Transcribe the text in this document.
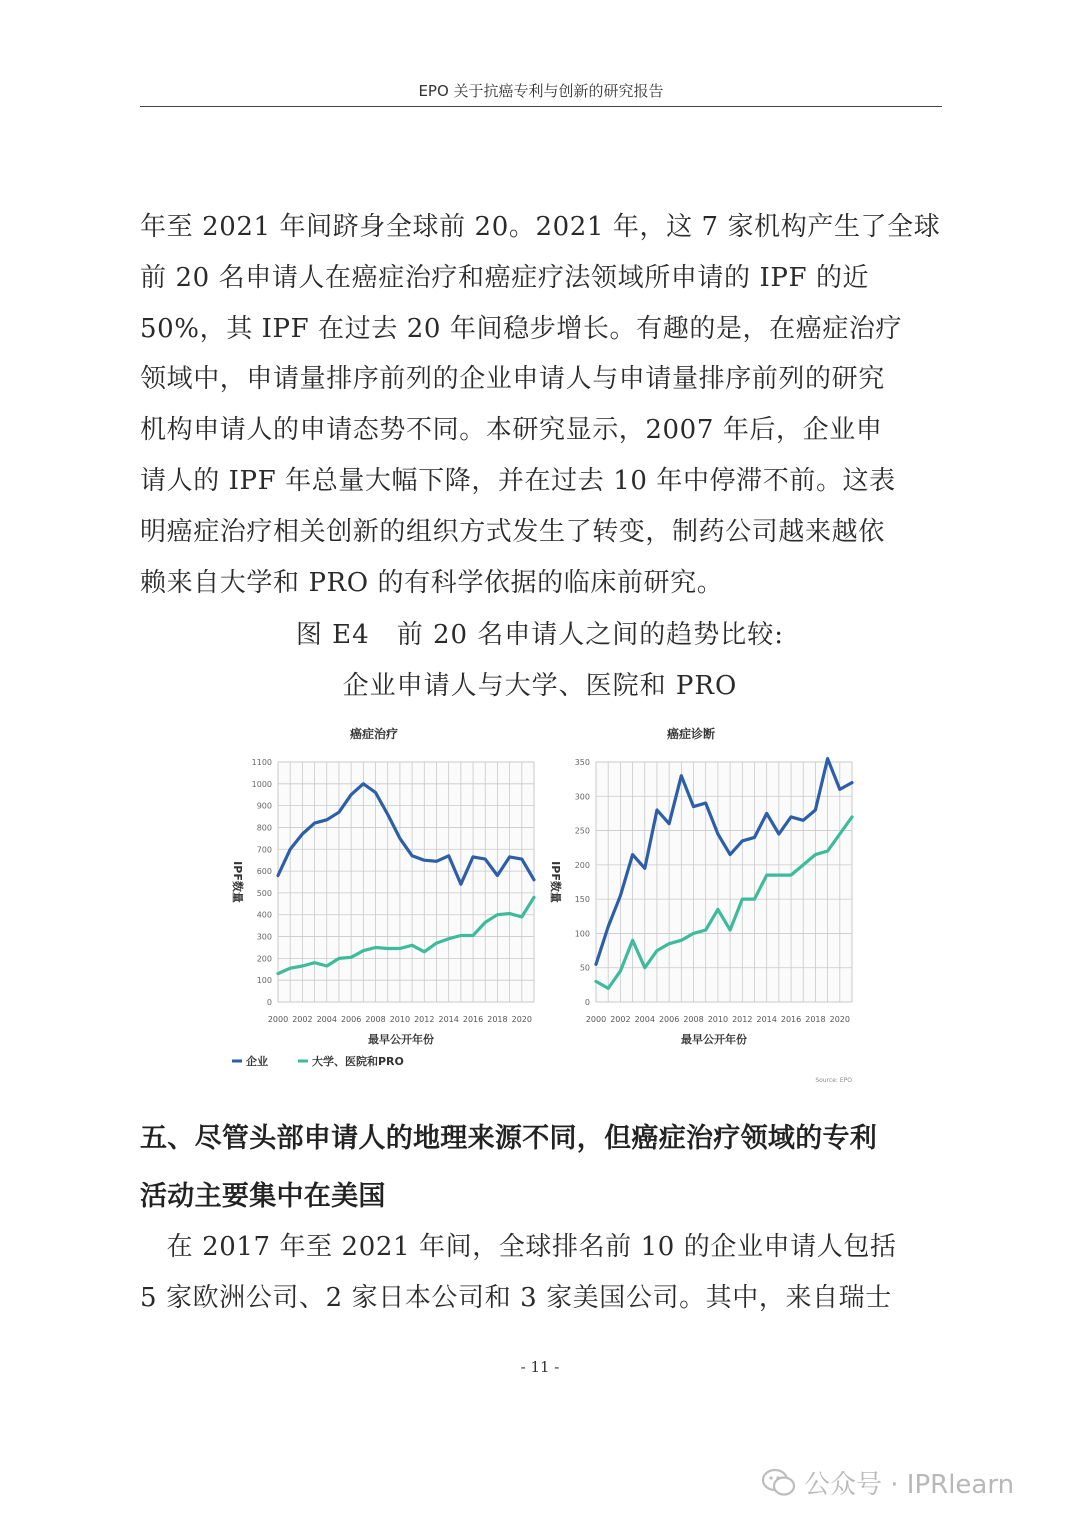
EPO 关于抗癌专利与创新的研究报告
年至 2021 年间跻身全球前 20。2021 年，这 7 家机构产生了全球
前 20 名申请人在癌症治疗和癌症疗法领域所申请的 IPF 的近
50%，其 IPF 在过去 20 年间稳步增长。有趣的是，在癌症治疗
领域中，申请量排序前列的企业申请人与申请量排序前列的研究
机构申请人的申请态势不同。本研究显示，2007 年后，企业申
请人的 IPF 年总量大幅下降，并在过去 10 年中停滞不前。这表
明癌症治疗相关创新的组织方式发生了转变，制药公司越来越依
赖来自大学和 PRO 的有科学依据的临床前研究。

图 E4　前 20 名申请人之间的趋势比较:

企业申请人与大学、医院和 PRO

癌症治疗
IPF数量
最早公开年份
癌症诊断
IPF数量
最早公开年份
企业	大学、医院和PRO
Source: EPO
0
100
200
300
400
500
600
700
800
900
1000
1100
2000 2002 2004 2006 2008 2010 2012 2014 2016 2018 2020
0
50
100
150
200
250
300
350
2000 2002 2004 2006 2008 2010 2012 2014 2016 2018 2020
五、尽管头部申请人的地理来源不同，但癌症治疗领域的专利
活动主要集中在美国
　在 2017 年至 2021 年间，全球排名前 10 的企业申请人包括
5 家欧洲公司、2 家日本公司和 3 家美国公司。其中，来自瑞士
- 11 -
公众号 · IPRlearn
